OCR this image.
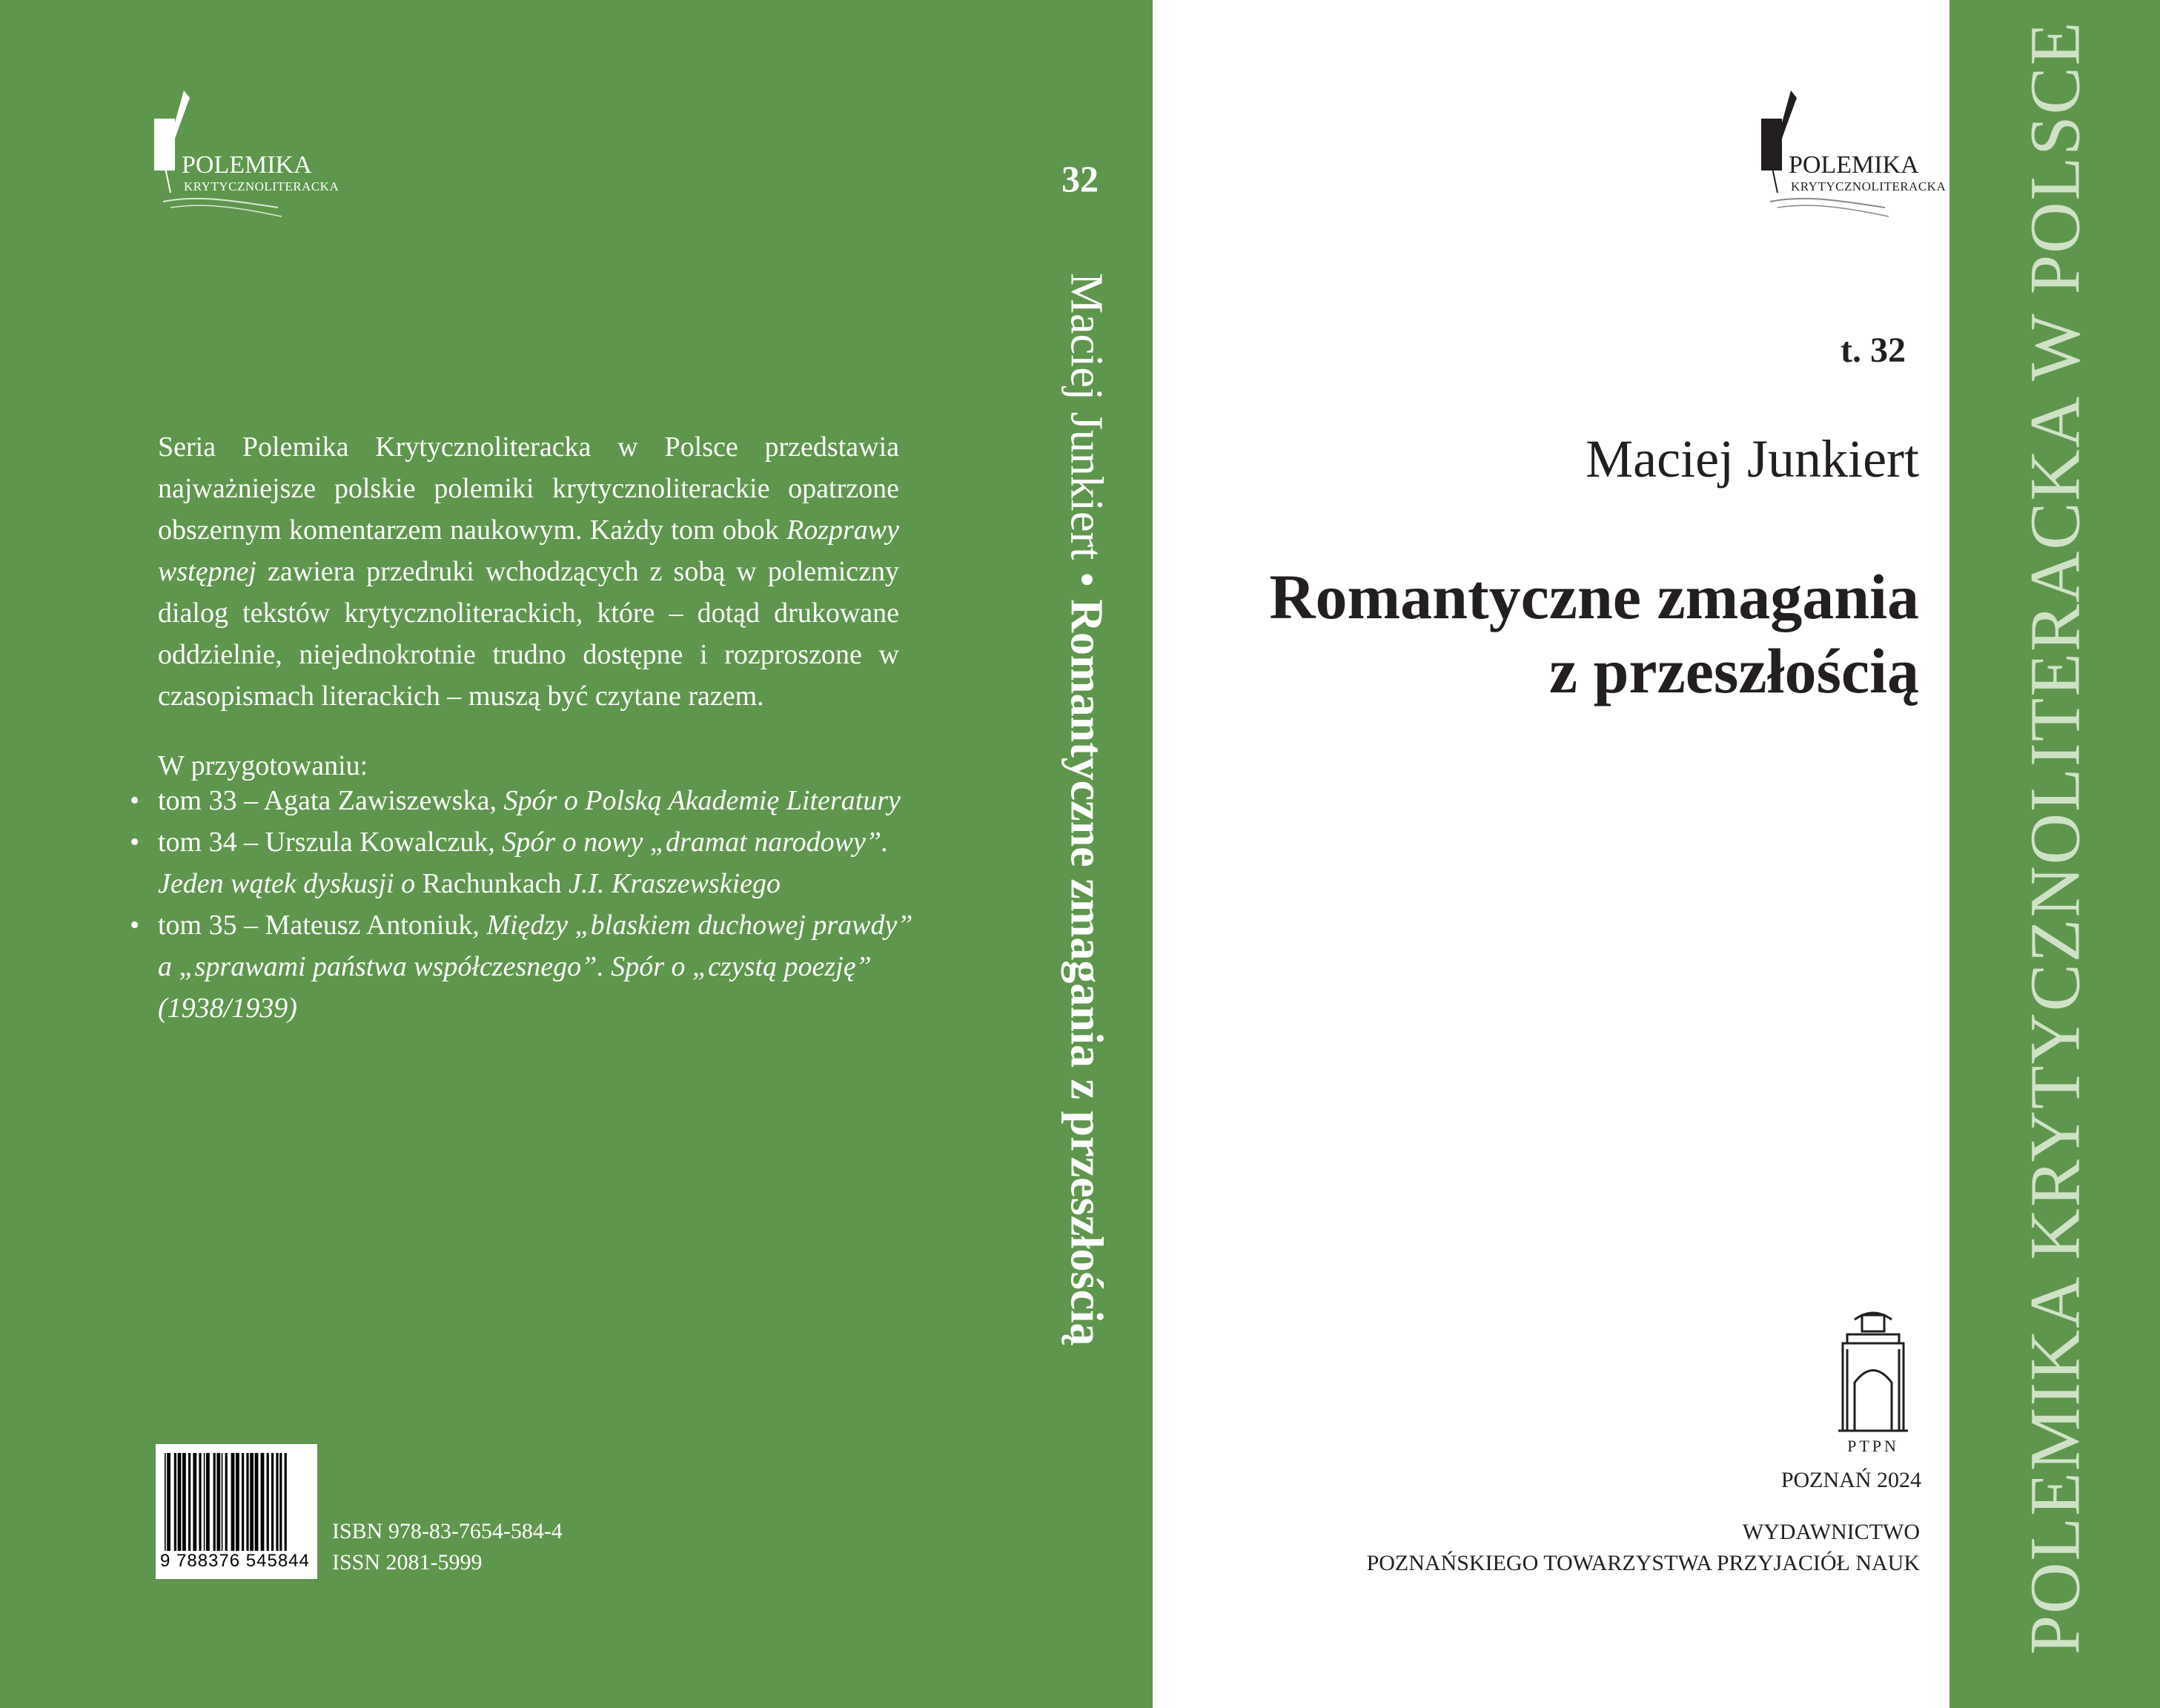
POLEMIKA
KRYTYCZNOLITERACKA

Seria Polemika Krytycznoliteracka w Polsce przedstawia najważniejsze polskie polemiki krytycznoliterackie opatrzone obszernym komentarzem naukowym. Każdy tom obok Rozprawy wstępnej zawiera przedruki wchodzących z sobą w polemiczny dialog tekstów krytycznoliterackich, które – dotąd drukowane oddzielnie, niejednokrotnie trudno dostępne i rozproszone w czasopismach literackich – muszą być czytane razem.

W przygotowaniu:
• tom 33 – Agata Zawiszewska, Spór o Polską Akademię Literatury
• tom 34 – Urszula Kowalczuk, Spór o nowy „dramat narodowy”. Jeden wątek dyskusji o Rachunkach J.I. Kraszewskiego
• tom 35 – Mateusz Antoniuk, Między „blaskiem duchowej prawdy” a „sprawami państwa współczesnego”. Spór o „czystą poezję” (1938/1939)
9 788376 545844
ISBN 978-83-7654-584-4
ISSN 2081-5999
32
Maciej Junkiert • Romantyczne zmagania z przeszłością
POLEMIKA
KRYTYCZNOLITERACKA
t. 32
Maciej Junkiert
Romantyczne zmagania
z przeszłością
PTPN
POZNAŃ 2024
WYDAWNICTWO
POZNAŃSKIEGO TOWARZYSTWA PRZYJACIÓŁ NAUK POLEMIKA KRYTYCZNOLITERACKA W POLSCE
